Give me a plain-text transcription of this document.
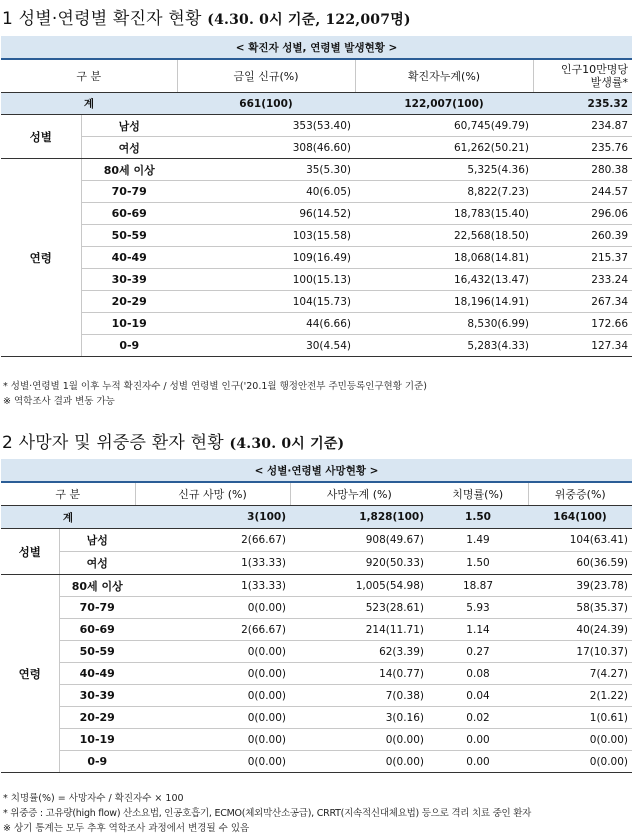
1 성별·연령별 확진자 현황 (4.30. 0시 기준, 122,007명)
< 확진자 성별, 연령별 발생현황 >				
구 분		금일 신규(%)	확진자누계(%)	인구10만명당
발생률*
계		661(100)	122,007(100)	235.32
성별	남성	353(53.40)	60,745(49.79)	234.87
	여성	308(46.60)	61,262(50.21)	235.76
연령	80세 이상	35(5.30)	5,325(4.36)	280.38
	70-79	40(6.05)	8,822(7.23)	244.57
	60-69	96(14.52)	18,783(15.40)	296.06
	50-59	103(15.58)	22,568(18.50)	260.39
	40-49	109(16.49)	18,068(14.81)	215.37
	30-39	100(15.13)	16,432(13.47)	233.24
	20-29	104(15.73)	18,196(14.91)	267.34
	10-19	44(6.66)	8,530(6.99)	172.66
	0-9	30(4.54)	5,283(4.33)	127.34
* 성별·연령별 1월 이후 누적 확진자수 / 성별 연령별 인구('20.1월 행정안전부 주민등록인구현황 기준)
※ 역학조사 결과 변동 가능
2 사망자 및 위중증 환자 현황 (4.30. 0시 기준)
< 성별·연령별 사망현황 >					
구 분		신규 사망 (%)	사망누계 (%)	치명률(%)	위중증(%)
계		3(100)	1,828(100)	1.50	164(100)
성별	남성	2(66.67)	908(49.67)	1.49	104(63.41)
	여성	1(33.33)	920(50.33)	1.50	60(36.59)
연령	80세 이상	1(33.33)	1,005(54.98)	18.87	39(23.78)
	70-79	0(0.00)	523(28.61)	5.93	58(35.37)
	60-69	2(66.67)	214(11.71)	1.14	40(24.39)
	50-59	0(0.00)	62(3.39)	0.27	17(10.37)
	40-49	0(0.00)	14(0.77)	0.08	7(4.27)
	30-39	0(0.00)	7(0.38)	0.04	2(1.22)
	20-29	0(0.00)	3(0.16)	0.02	1(0.61)
	10-19	0(0.00)	0(0.00)	0.00	0(0.00)
	0-9	0(0.00)	0(0.00)	0.00	0(0.00)
* 치명률(%) = 사망자수 / 확진자수 × 100
* 위중증 : 고유량(high flow) 산소요법, 인공호흡기, ECMO(체외막산소공급), CRRT(지속적신대체요법) 등으로 격리 치료 중인 환자
※ 상기 통계는 모두 추후 역학조사 과정에서 변경될 수 있음
